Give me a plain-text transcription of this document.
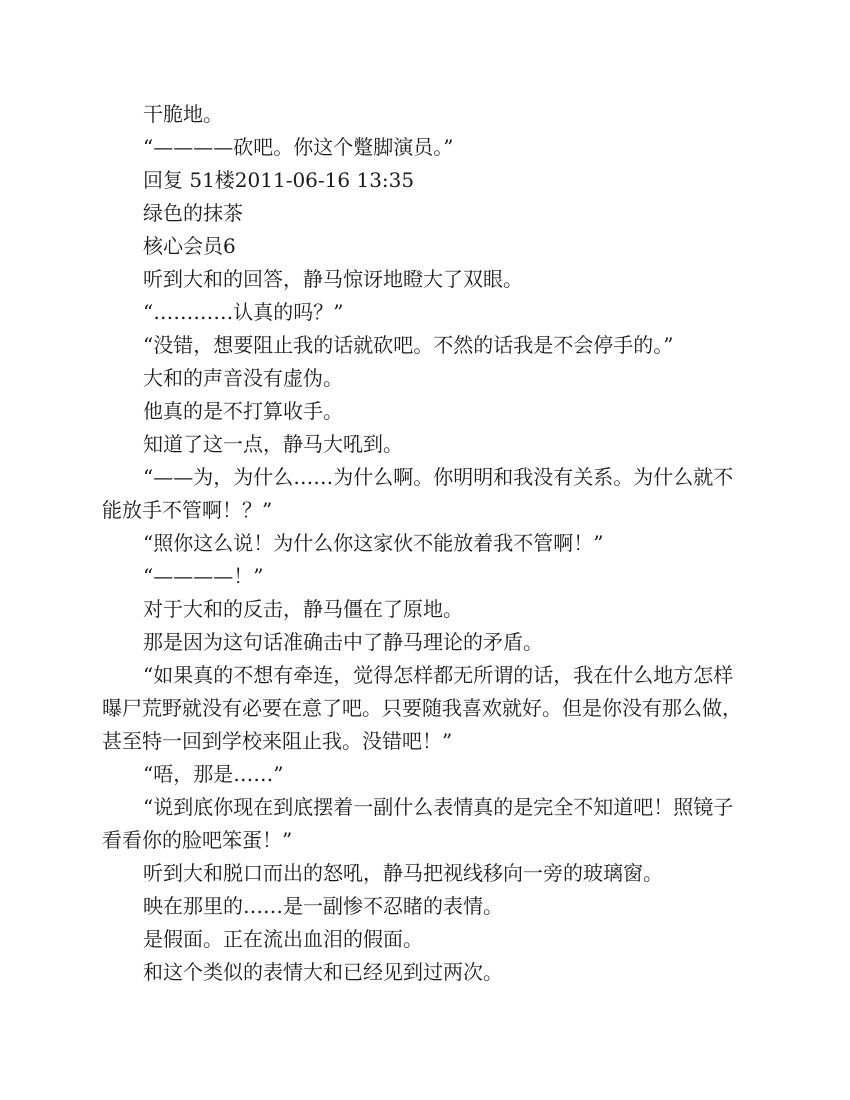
干脆地。

“————砍吧。你这个蹩脚演员。”

回复 51楼2011-06-16 13:35

绿色的抹茶

核心会员6

听到大和的回答，静马惊讶地瞪大了双眼。

“…………认真的吗？”

“没错，想要阻止我的话就砍吧。不然的话我是不会停手的。”

大和的声音没有虚伪。

他真的是不打算收手。

知道了这一点，静马大吼到。

“——为，为什么……为什么啊。你明明和我没有关系。为什么就不能放手不管啊！？”

“照你这么说！为什么你这家伙不能放着我不管啊！”

“————！”

对于大和的反击，静马僵在了原地。

那是因为这句话准确击中了静马理论的矛盾。

“如果真的不想有牵连，觉得怎样都无所谓的话，我在什么地方怎样曝尸荒野就没有必要在意了吧。只要随我喜欢就好。但是你没有那么做，甚至特一回到学校来阻止我。没错吧！”

“唔，那是……”

“说到底你现在到底摆着一副什么表情真的是完全不知道吧！照镜子看看你的脸吧笨蛋！”

听到大和脱口而出的怒吼，静马把视线移向一旁的玻璃窗。

映在那里的……是一副惨不忍睹的表情。

是假面。正在流出血泪的假面。

和这个类似的表情大和已经见到过两次。
